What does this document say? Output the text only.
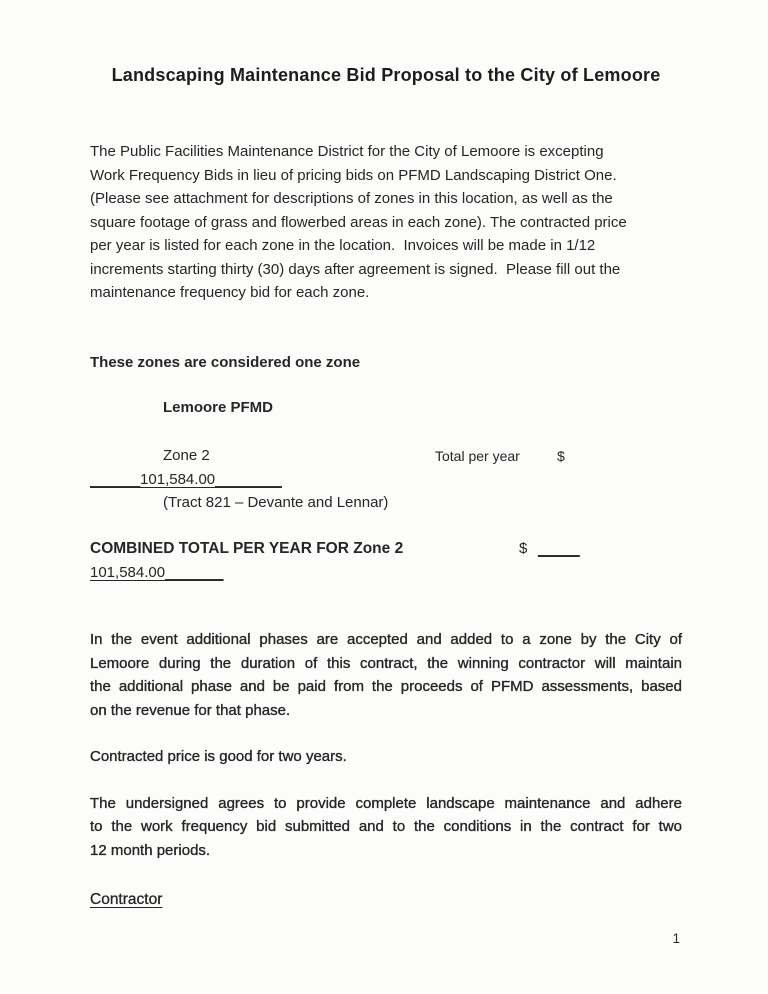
Landscaping Maintenance Bid Proposal to the City of Lemoore
The Public Facilities Maintenance District for the City of Lemoore is excepting
Work Frequency Bids in lieu of pricing bids on PFMD Landscaping District One.
(Please see attachment for descriptions of zones in this location, as well as the
square footage of grass and flowerbed areas in each zone). The contracted price
per year is listed for each zone in the location.  Invoices will be made in 1/12
increments starting thirty (30) days after agreement is signed.  Please fill out the
maintenance frequency bid for each zone.
These zones are considered one zone
Lemoore PFMD
Zone 2	Total per year	$
______101,584.00________
(Tract 821 – Devante and Lennar)
COMBINED TOTAL PER YEAR FOR Zone 2	$ _____
101,584.00_______
In the event additional phases are accepted and added to a zone by the City of
Lemoore during the duration of this contract, the winning contractor will maintain
the additional phase and be paid from the proceeds of PFMD assessments, based
on the revenue for that phase.
Contracted price is good for two years.
The undersigned agrees to provide complete landscape maintenance and adhere
to the work frequency bid submitted and to the conditions in the contract for two
12 month periods.
Contractor
1
